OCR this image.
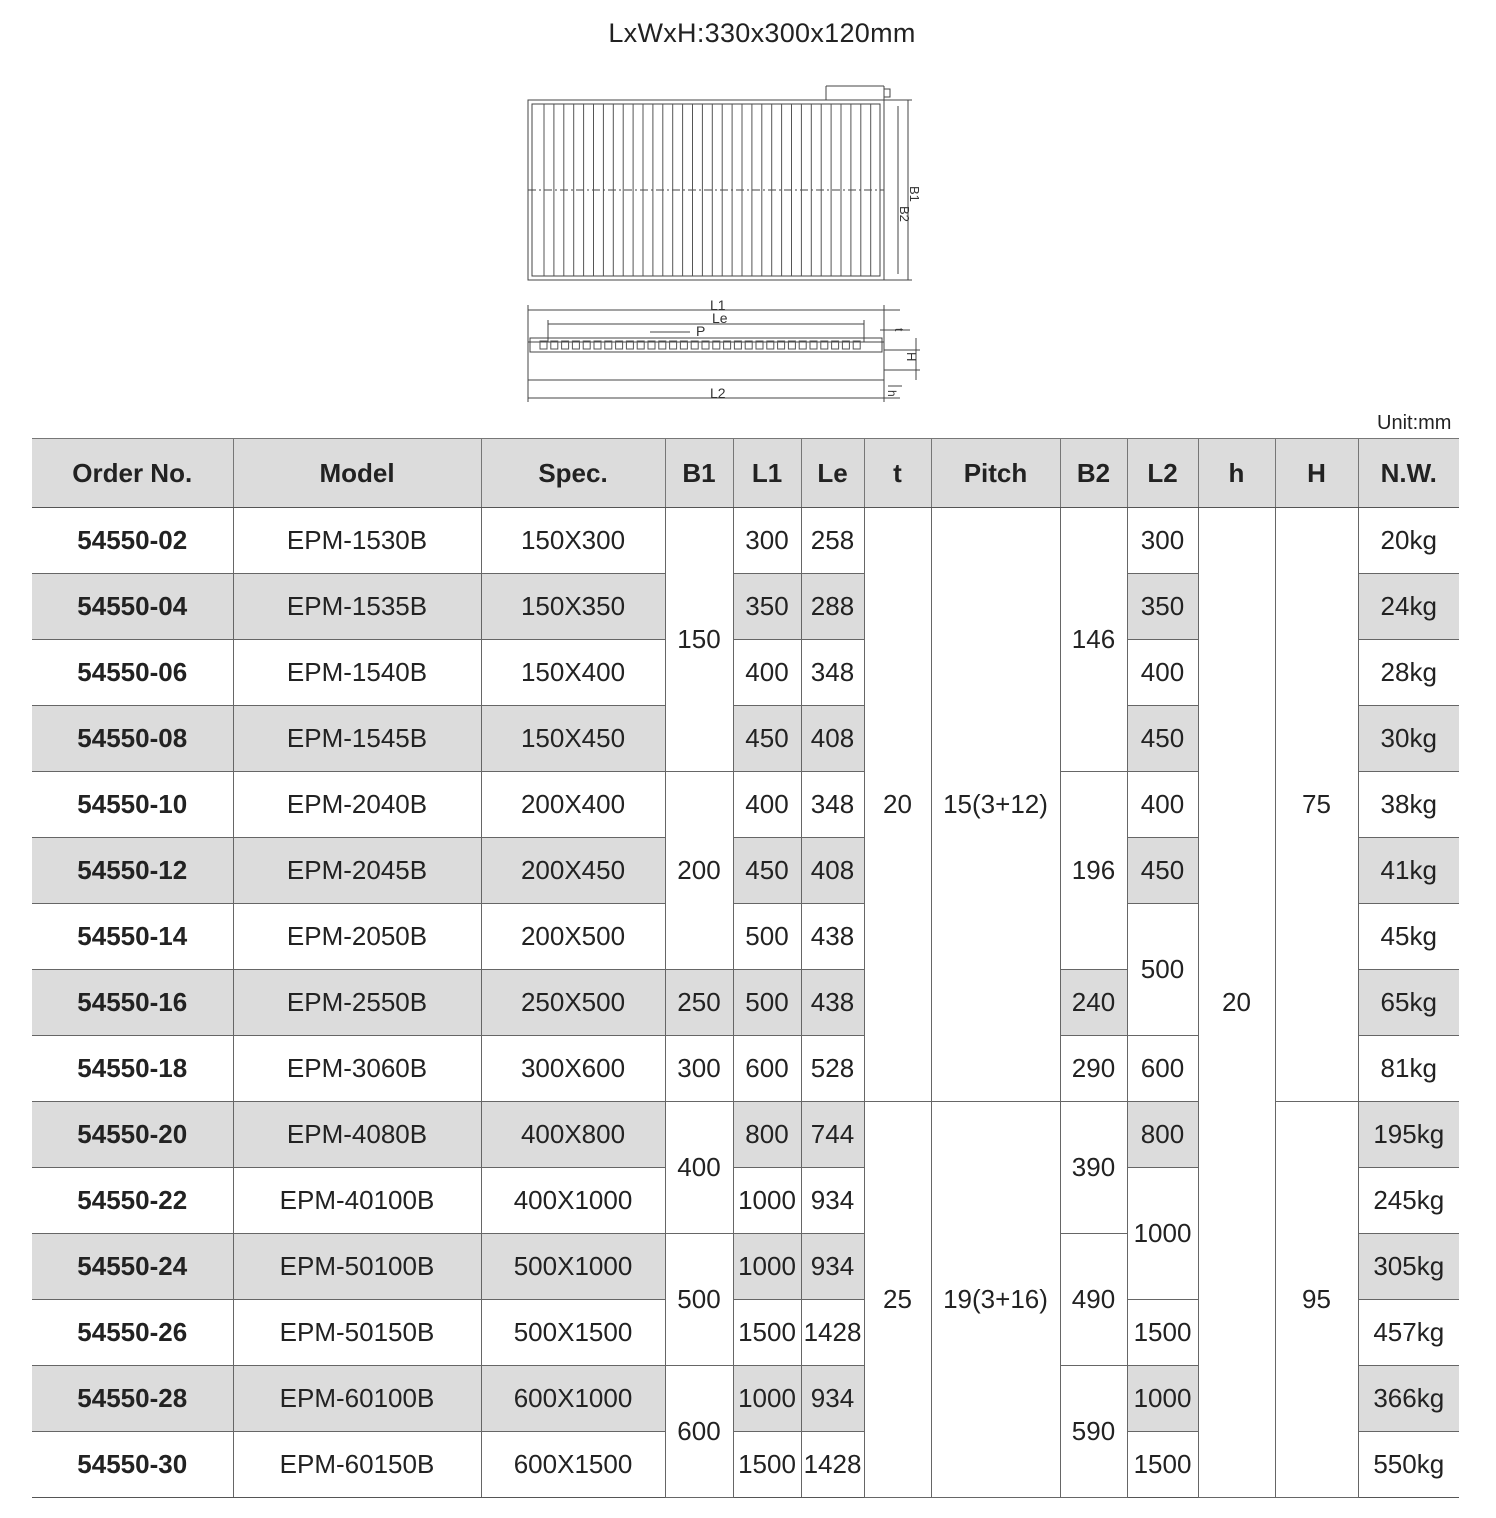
LxWxH:330x300x120mm
B2
B1
L1
Le
P	t
H
L2	h
Unit:mm
Order No.	Model	Spec.	B1	L1	Le	t	Pitch	B2	L2	h	H	N.W.
54550-02	EPM-1530B	150X300	150	300	258	20	15(3+12)	146	300	20	75	20kg
54550-04	EPM-1535B	150X350		350	288				350			24kg
54550-06	EPM-1540B	150X400		400	348				400			28kg
54550-08	EPM-1545B	150X450		450	408				450			30kg
54550-10	EPM-2040B	200X400	200	400	348			196	400			38kg
54550-12	EPM-2045B	200X450		450	408				450			41kg
54550-14	EPM-2050B	200X500		500	438				500			45kg
54550-16	EPM-2550B	250X500	250	500	438			240				65kg
54550-18	EPM-3060B	300X600	300	600	528			290	600			81kg
54550-20	EPM-4080B	400X800	400	800	744	25	19(3+16)	390	800		95	195kg
54550-22	EPM-40100B	400X1000		1000	934				1000			245kg
54550-24	EPM-50100B	500X1000	500	1000	934			490				305kg
54550-26	EPM-50150B	500X1500		1500	1428				1500			457kg
54550-28	EPM-60100B	600X1000	600	1000	934			590	1000			366kg
54550-30	EPM-60150B	600X1500		1500	1428				1500			550kg
